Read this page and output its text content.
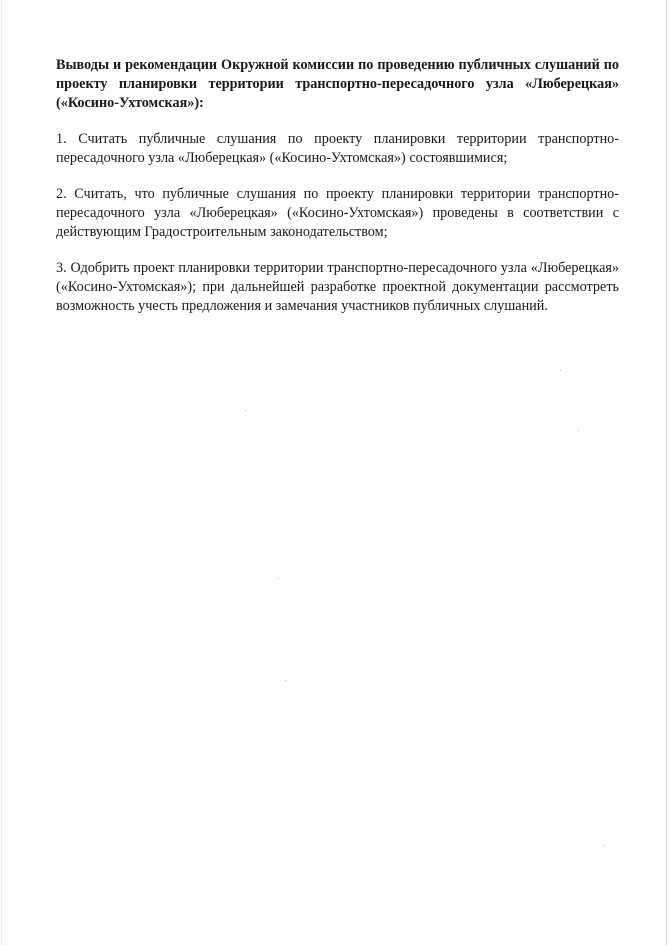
Выводы и рекомендации Окружной комиссии по проведению публичных слушаний по проекту планировки территории транспортно-пересадочного узла «Люберецкая» («Косино-Ухтомская»):

1. Считать публичные слушания по проекту планировки территории транспортно-пересадочного узла «Люберецкая» («Косино-Ухтомская») состоявшимися;

2. Считать, что публичные слушания по проекту планировки территории транспортно-пересадочного узла «Люберецкая» («Косино-Ухтомская») проведены в соответствии с действующим Градостроительным законодательством;

3. Одобрить проект планировки территории транспортно-пересадочного узла «Люберецкая» («Косино-Ухтомская»); при дальнейшей разработке проектной документации рассмотреть возможность учесть предложения и замечания участников публичных слушаний.
